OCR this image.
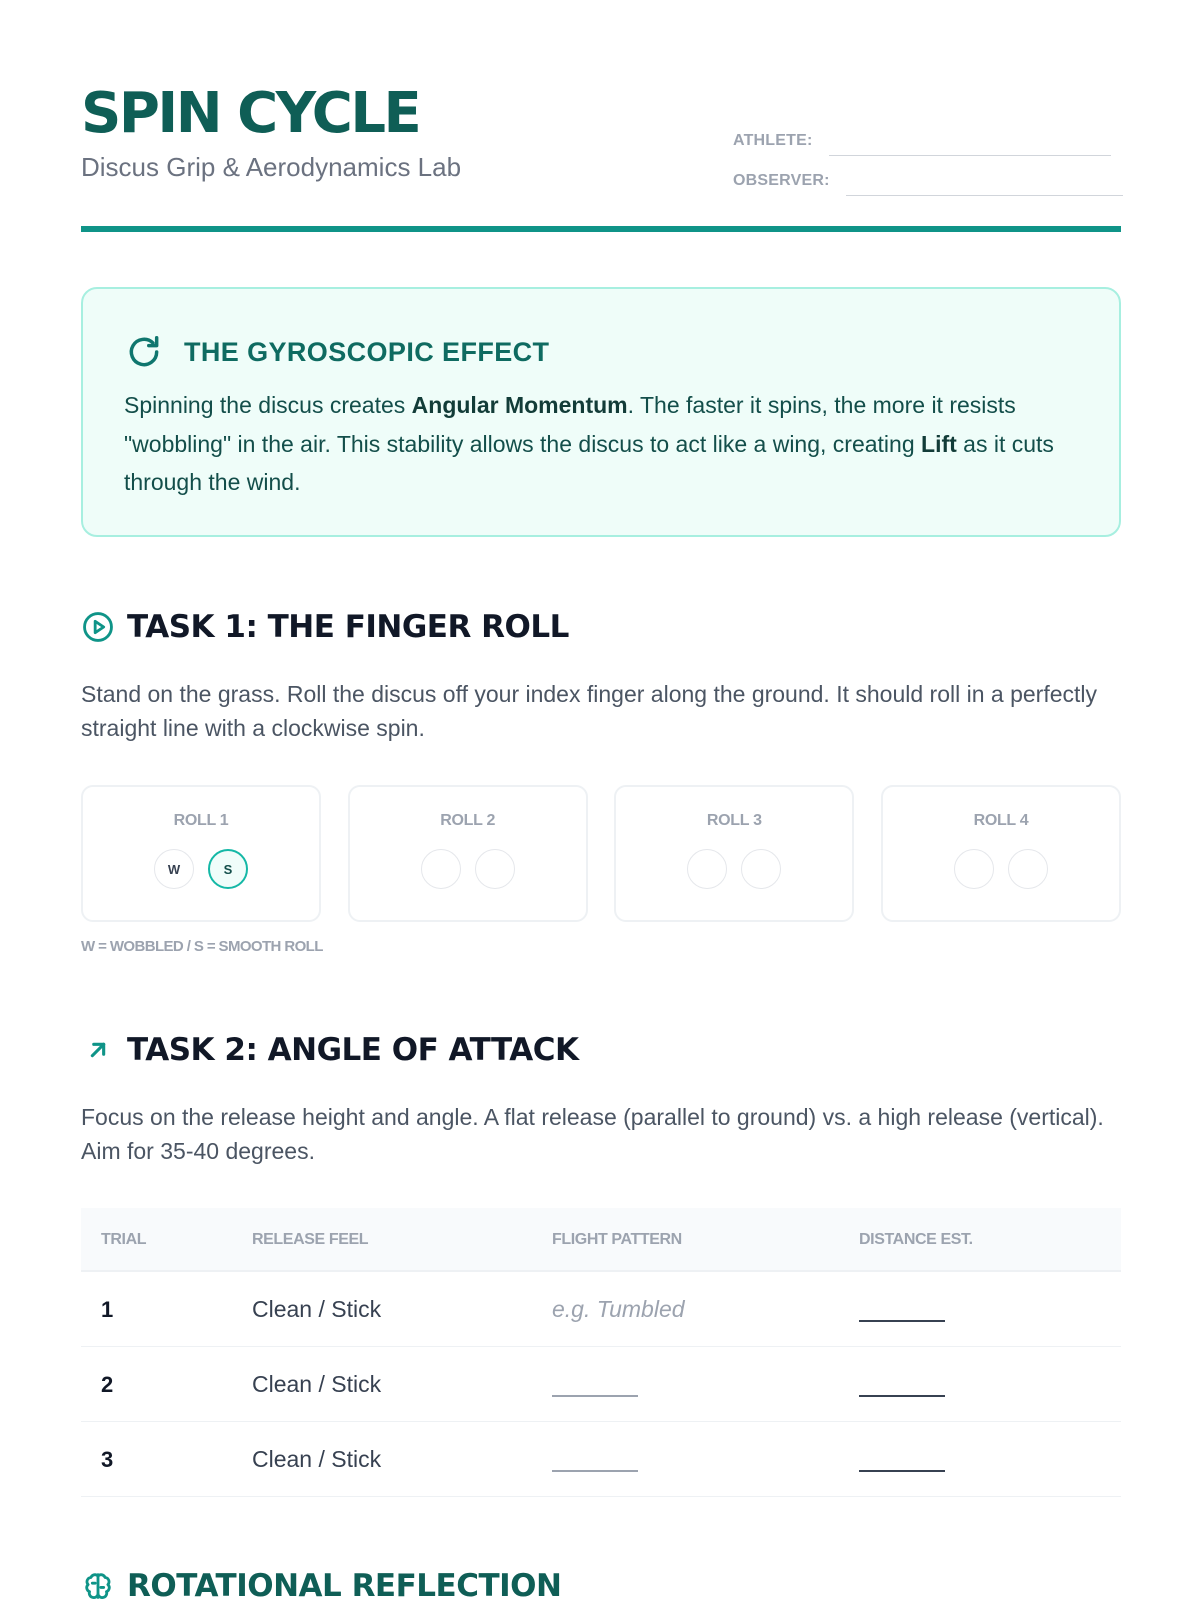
SPIN CYCLE
Discus Grip & Aerodynamics Lab
ATHLETE:
OBSERVER:
THE GYROSCOPIC EFFECT
Spinning the discus creates Angular Momentum. The faster it spins, the more it resists "wobbling" in the air. This stability allows the discus to act like a wing, creating Lift as it cuts through the wind.
TASK 1: THE FINGER ROLL
Stand on the grass. Roll the discus off your index finger along the ground. It should roll in a perfectly straight line with a clockwise spin.
ROLL 1
W	S
ROLL 2	ROLL 3	ROLL 4
W = WOBBLED / S = SMOOTH ROLL
TASK 2: ANGLE OF ATTACK
Focus on the release height and angle. A flat release (parallel to ground) vs. a high release (vertical). Aim for 35-40 degrees.
TRIAL	RELEASE FEEL	FLIGHT PATTERN	DISTANCE EST.
1	Clean / Stick	e.g. Tumbled
2	Clean / Stick
3	Clean / Stick
ROTATIONAL REFLECTION
